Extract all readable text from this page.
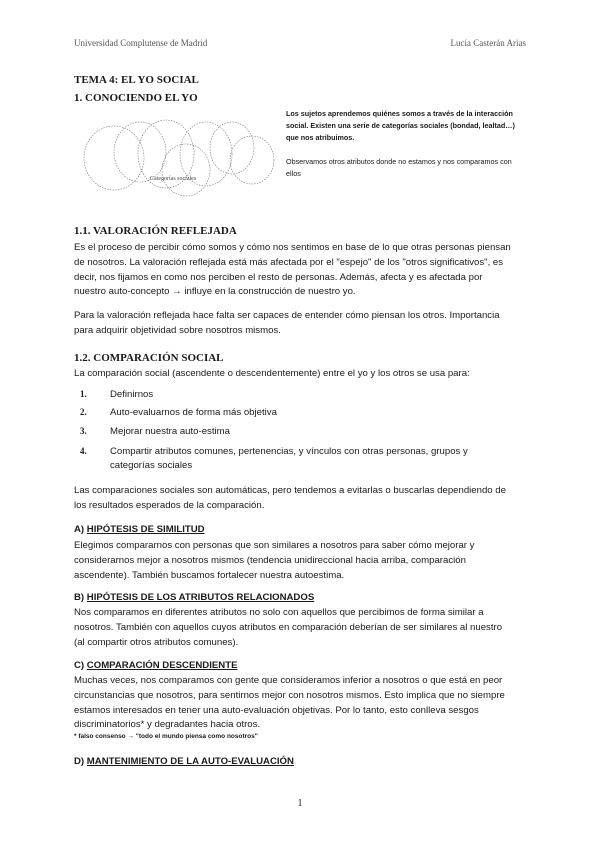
Universidad Complutense de Madrid	Lucía Casterán Arias
TEMA 4: EL YO SOCIAL
1. CONOCIENDO EL YO
Categorías sociales
Los sujetos aprendemos quiénes somos a través de la interacción
social. Existen una serie de categorías sociales (bondad, lealtad…)
que nos atribuimos.
Observamos otros atributos donde no estamos y nos comparamos con
ellos
1.1. VALORACIÓN REFLEJADA
Es el proceso de percibir cómo somos y cómo nos sentimos en base de lo que otras personas piensan
de nosotros. La valoración reflejada está más afectada por el "espejo" de los "otros significativos", es
decir, nos fijamos en como nos perciben el resto de personas. Además, afecta y es afectada por
nuestro auto-concepto → influye en la construcción de nuestro yo.
Para la valoración reflejada hace falta ser capaces de entender cómo piensan los otros. Importancia
para adquirir objetividad sobre nosotros mismos.
1.2. COMPARACIÓN SOCIAL
La comparación social (ascendente o descendentemente) entre el yo y los otros se usa para:
1.	Definirnos
2.	Auto-evaluarnos de forma más objetiva
3.	Mejorar nuestra auto-estima
4.	Compartir atributos comunes, pertenencias, y vínculos con otras personas, grupos y
categorías sociales
Las comparaciones sociales son automáticas, pero tendemos a evitarlas o buscarlas dependiendo de
los resultados esperados de la comparación.
A) HIPÓTESIS DE SIMILITUD
Elegimos compararnos con personas que son similares a nosotros para saber cómo mejorar y
considerarnos mejor a nosotros mismos (tendencia unidireccional hacia arriba, comparación
ascendente). También buscamos fortalecer nuestra autoestima.
B) HIPÓTESIS DE LOS ATRIBUTOS RELACIONADOS
Nos comparamos en diferentes atributos no solo con aquellos que percibimos de forma similar a
nosotros. También con aquellos cuyos atributos en comparación deberían de ser similares al nuestro
(al compartir otros atributos comunes).
C) COMPARACIÓN DESCENDIENTE
Muchas veces, nos comparamos con gente que consideramos inferior a nosotros o que está en peor
circunstancias que nosotros, para sentirnos mejor con nosotros mismos. Esto implica que no siempre
estamos interesados en tener una auto-evaluación objetivas. Por lo tanto, esto conlleva sesgos
discriminatorios* y degradantes hacia otros.
* falso consenso → "todo el mundo piensa como nosotros"
D) MANTENIMIENTO DE LA AUTO-EVALUACIÓN
1
